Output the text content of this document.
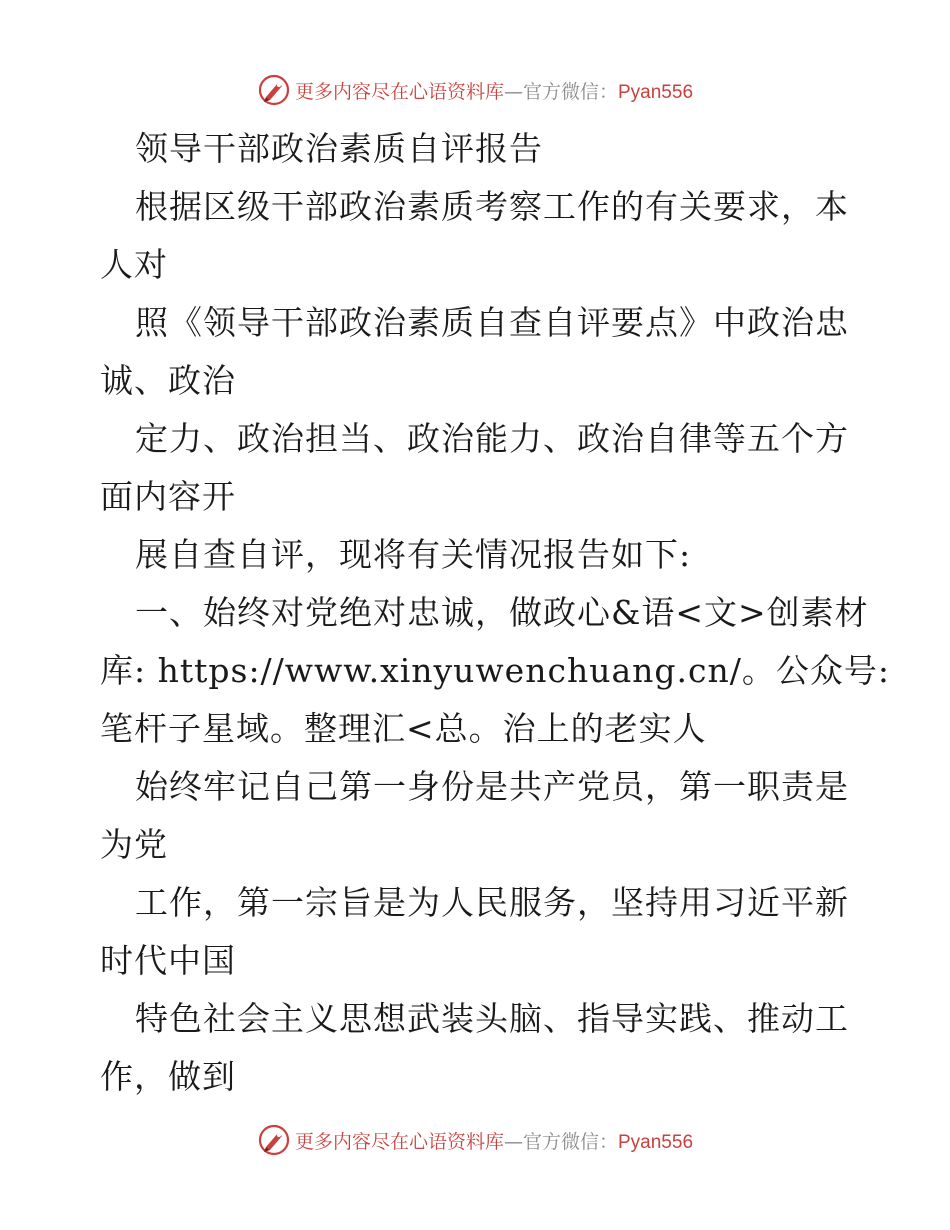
更多内容尽在心语资料库—官方微信：Pyan556
领导干部政治素质自评报告
根据区级干部政治素质考察工作的有关要求，本
人对
照《领导干部政治素质自查自评要点》中政治忠
诚、政治
定力、政治担当、政治能力、政治自律等五个方
面内容开
展自查自评，现将有关情况报告如下:
一、始终对党绝对忠诚，做政心&语<文>创素材
库: https://www.xinyuwenchuang.cn/。公众号:
笔杆子星域。整理汇<总。治上的老实人
始终牢记自己第一身份是共产党员，第一职责是
为党
工作，第一宗旨是为人民服务，坚持用习近平新
时代中国
特色社会主义思想武装头脑、指导实践、推动工
作，做到
更多内容尽在心语资料库—官方微信：Pyan556
